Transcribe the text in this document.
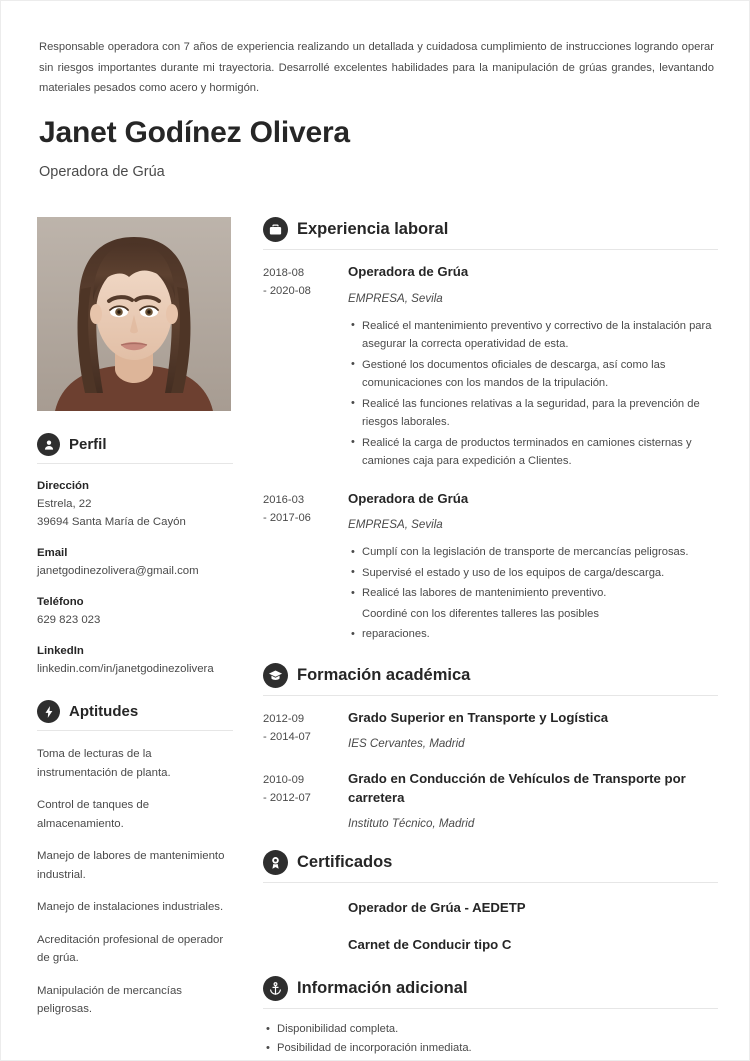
Responsable operadora con 7 años de experiencia realizando un detallada y cuidadosa cumplimiento de instrucciones logrando operar sin riesgos importantes durante mi trayectoria. Desarrollé excelentes habilidades para la manipulación de grúas grandes, levantando materiales pesados como acero y hormigón.
Janet Godínez Olivera
Operadora de Grúa
Perfil
Dirección
Estrela, 22
39694 Santa María de Cayón
Email
janetgodinezolivera@gmail.com
Teléfono
629 823 023
LinkedIn
linkedin.com/in/janetgodinezolivera
Aptitudes
Toma de lecturas de la instrumentación de planta.
Control de tanques de almacenamiento.
Manejo de labores de mantenimiento industrial.
Manejo de instalaciones industriales.
Acreditación profesional de operador de grúa.
Manipulación de mercancías peligrosas.
Experiencia laboral
2018-08
- 2020-08
Operadora de Grúa
EMPRESA, Sevila
• Realicé el mantenimiento preventivo y correctivo de la instalación para asegurar la correcta operatividad de esta.
• Gestioné los documentos oficiales de descarga, así como las comunicaciones con los mandos de la tripulación.
• Realicé las funciones relativas a la seguridad, para la prevención de riesgos laborales.
• Realicé la carga de productos terminados en camiones cisternas y camiones caja para expedición a Clientes.
2016-03
- 2017-06
Operadora de Grúa
EMPRESA, Sevila
• Cumplí con la legislación de transporte de mercancías peligrosas.
• Supervisé el estado y uso de los equipos de carga/descarga.
• Realicé las labores de mantenimiento preventivo.
Coordiné con los diferentes talleres las posibles
• reparaciones.
Formación académica
2012-09
- 2014-07
Grado Superior en Transporte y Logística
IES Cervantes, Madrid
2010-09
- 2012-07
Grado en Conducción de Vehículos de Transporte por carretera
Instituto Técnico, Madrid
Certificados
Operador de Grúa - AEDETP
Carnet de Conducir tipo C
Información adicional
• Disponibilidad completa.
• Posibilidad de incorporación inmediata.
